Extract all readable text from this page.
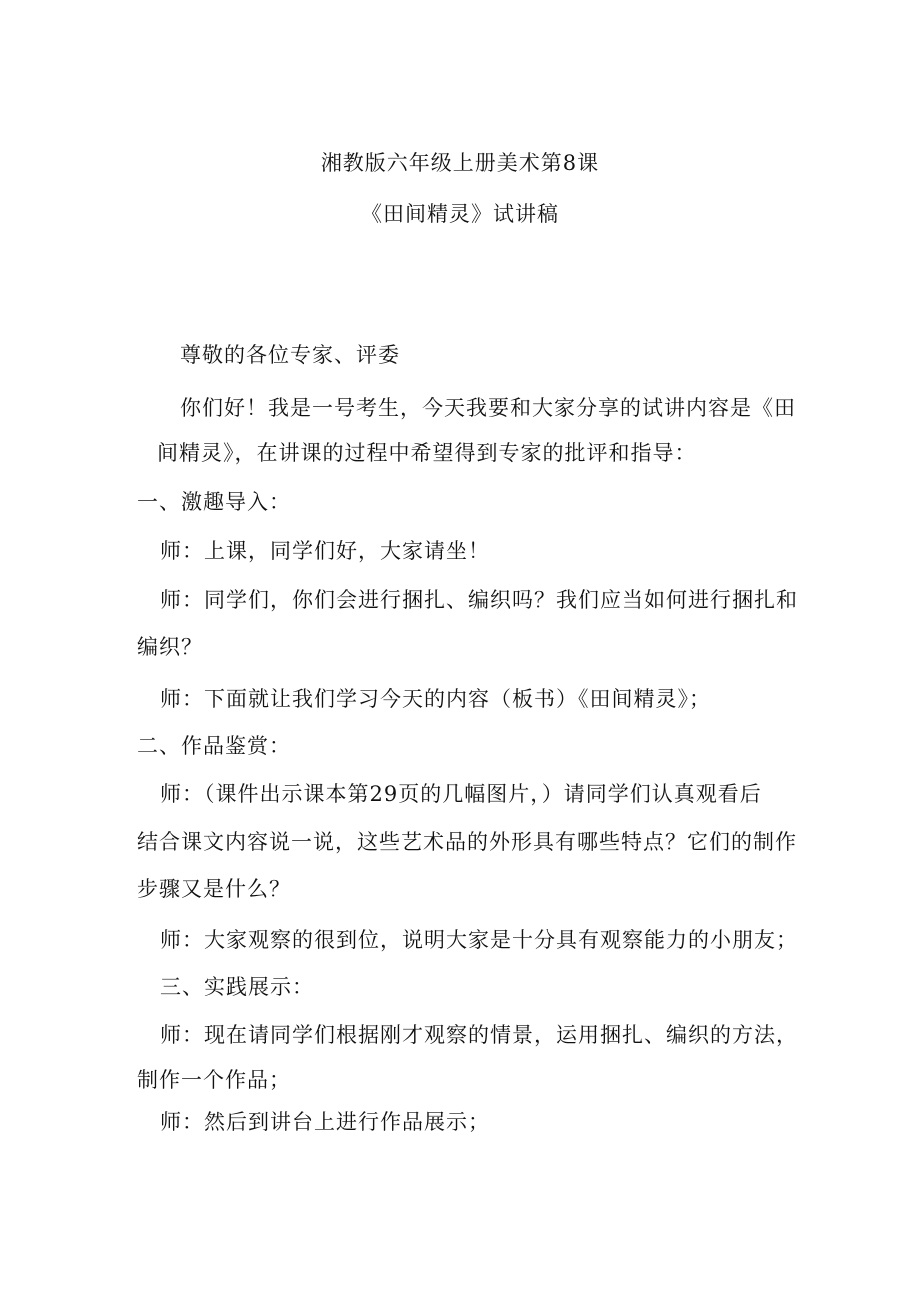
湘教版六年级上册美术第8课
《田间精灵》试讲稿
尊敬的各位专家、评委
你们好！我是一号考生，今天我要和大家分享的试讲内容是《田
间精灵》，在讲课的过程中希望得到专家的批评和指导：
一、激趣导入：
师：上课，同学们好，大家请坐！
师：同学们，你们会进行捆扎、编织吗？我们应当如何进行捆扎和
编织？
师：下面就让我们学习今天的内容（板书）《田间精灵》；
二、作品鉴赏：
师：（课件出示课本第29页的几幅图片，）请同学们认真观看后
结合课文内容说一说，这些艺术品的外形具有哪些特点？它们的制作
步骤又是什么？
师：大家观察的很到位，说明大家是十分具有观察能力的小朋友；
三、实践展示：
师：现在请同学们根据刚才观察的情景，运用捆扎、编织的方法，
制作一个作品；
师：然后到讲台上进行作品展示；
